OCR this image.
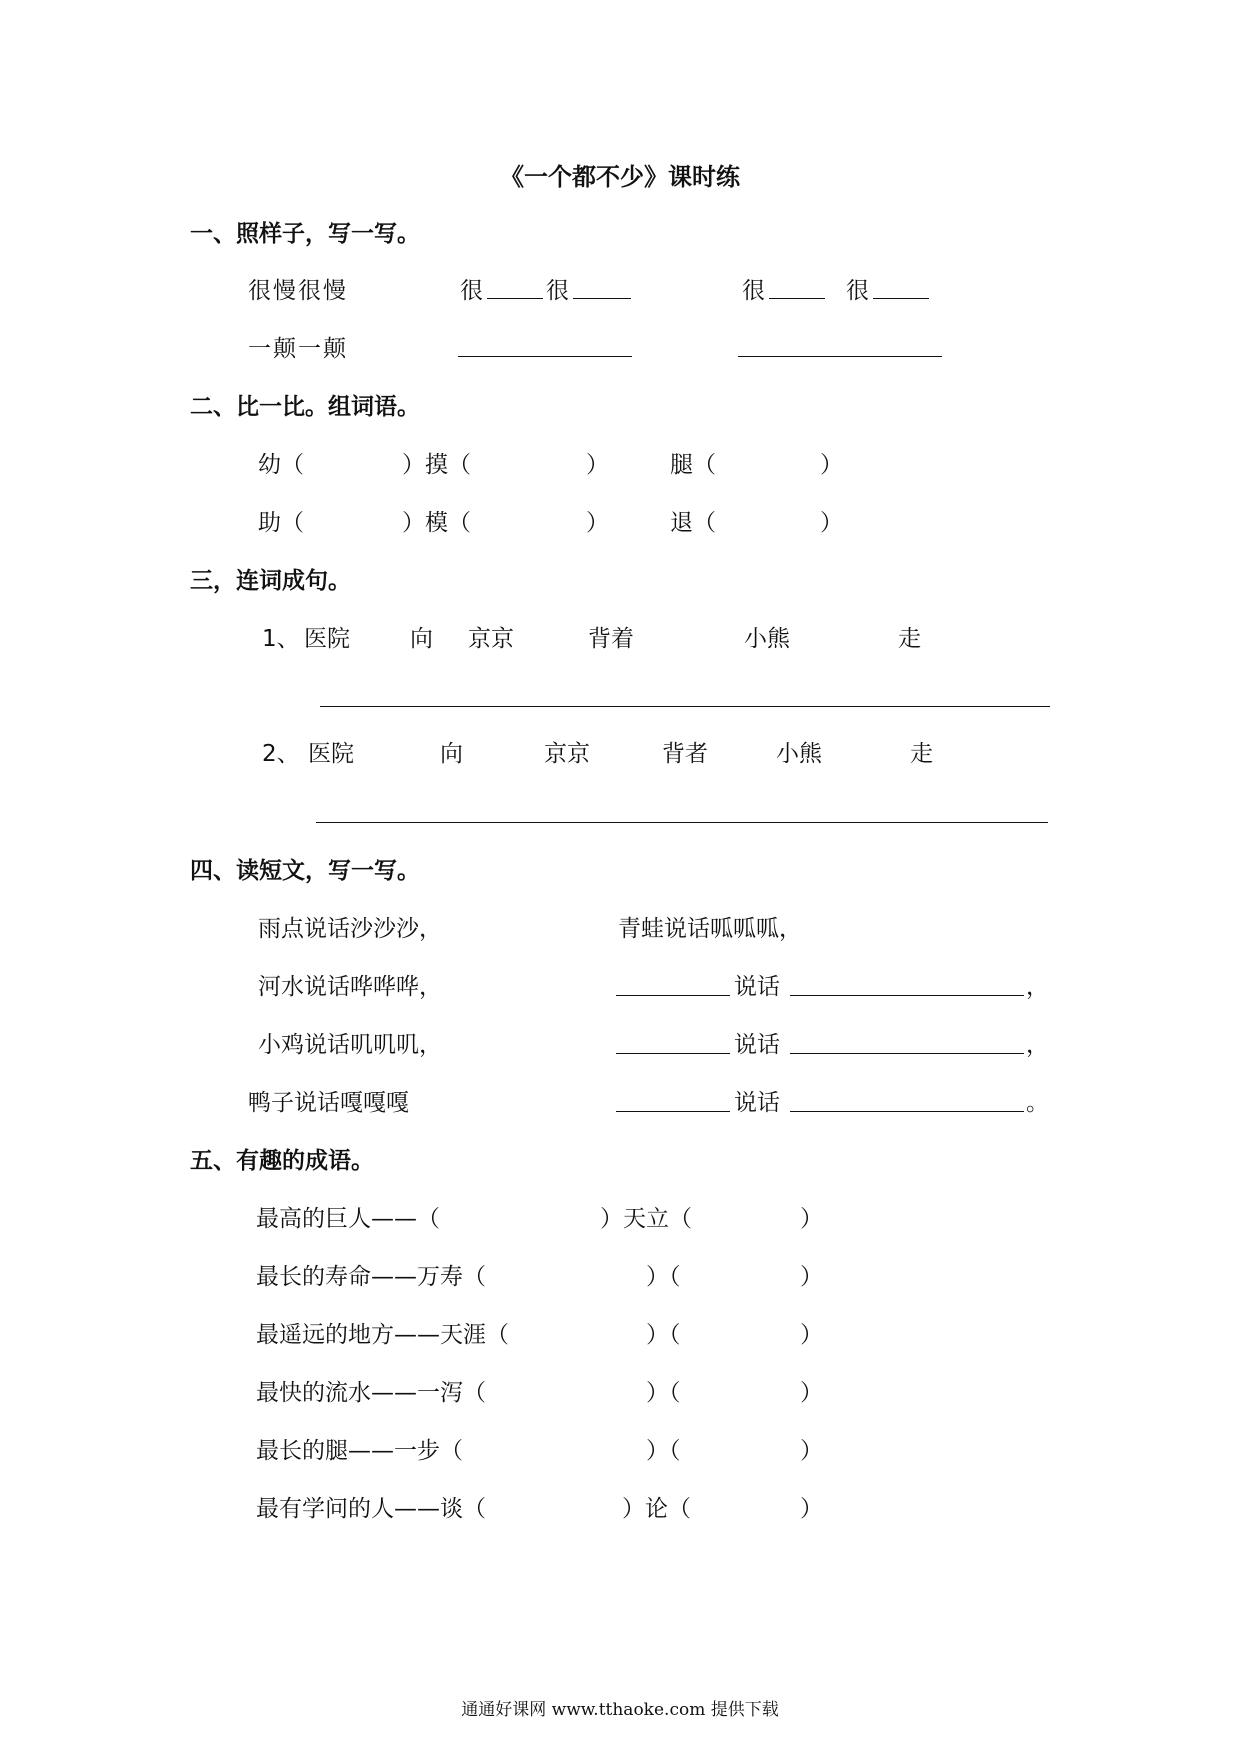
《一个都不少》课时练
一、照样子，写一写。
很慢很慢	很	很	很	很
一颠一颠
二、比一比。组词语。
幼（	）摸（	）	腿（	）
助（	）模（	）	退（	）
三，连词成句。
1、 医院	向 京京	背着	小熊	走
2、 医院	向	京京	背者	小熊	走
四、读短文，写一写。
雨点说话沙沙沙，	青蛙说话呱呱呱，
河水说话哗哗哗，	说话	，
小鸡说话叽叽叽，	说话	，
鸭子说话嘎嘎嘎	说话	。
五、有趣的成语。
最高的巨人——（	）天立（	）
最长的寿命——万寿（	）（	）
最遥远的地方——天涯（	）（	）
最快的流水——一泻（	）（	）
最长的腿——一步（	）（	）
最有学问的人——谈（	）论（	）
通通好课网 www.tthaoke.com 提供下载
